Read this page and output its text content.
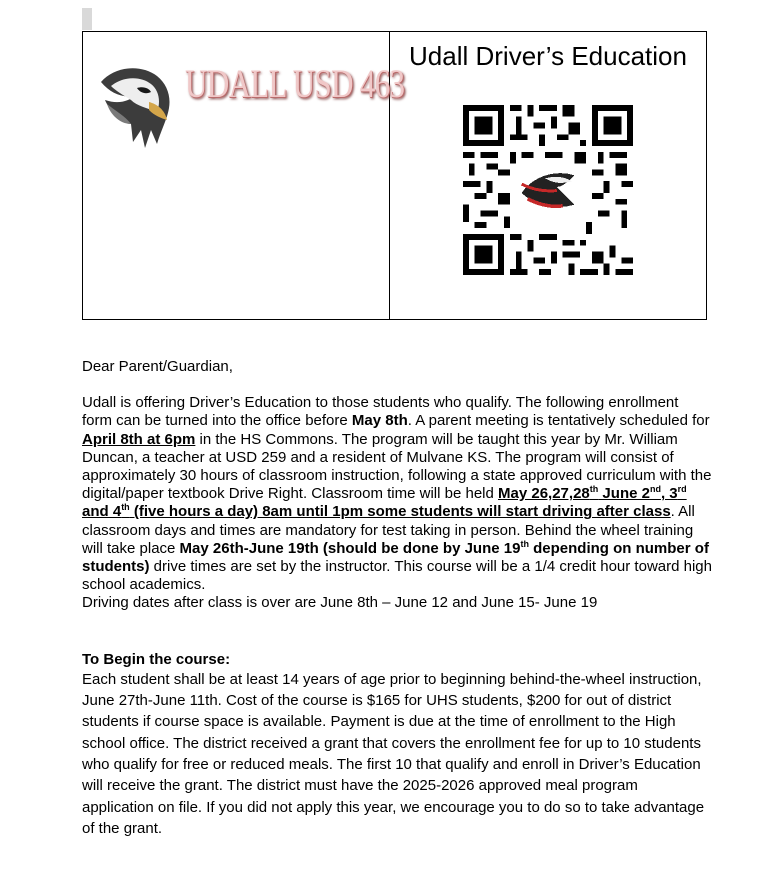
UDALL USD 463
Udall Driver’s Education

Dear Parent/Guardian,

Udall is offering Driver’s Education to those students who qualify. The following enrollment form can be turned into the office before May 8th. A parent meeting is tentatively scheduled for April 8th at 6pm in the HS Commons. The program will be taught this year by Mr. William Duncan, a teacher at USD 259 and a resident of Mulvane KS. The program will consist of approximately 30 hours of classroom instruction, following a state approved curriculum with the digital/paper textbook Drive Right. Classroom time will be held May 26,27,28th June 2nd, 3rd and 4th (five hours a day) 8am until 1pm some students will start driving after class. All classroom days and times are mandatory for test taking in person. Behind the wheel training will take place May 26th-June 19th (should be done by June 19th depending on number of students) drive times are set by the instructor. This course will be a 1/4 credit hour toward high school academics.

Driving dates after class is over are June 8th – June 12 and June 15- June 19

To Begin the course:

Each student shall be at least 14 years of age prior to beginning behind-the-wheel instruction, June 27th-June 11th. Cost of the course is $165 for UHS students, $200 for out of district students if course space is available. Payment is due at the time of enrollment to the High school office. The district received a grant that covers the enrollment fee for up to 10 students who qualify for free or reduced meals. The first 10 that qualify and enroll in Driver’s Education will receive the grant. The district must have the 2025-2026 approved meal program application on file. If you did not apply this year, we encourage you to do so to take advantage of the grant.
